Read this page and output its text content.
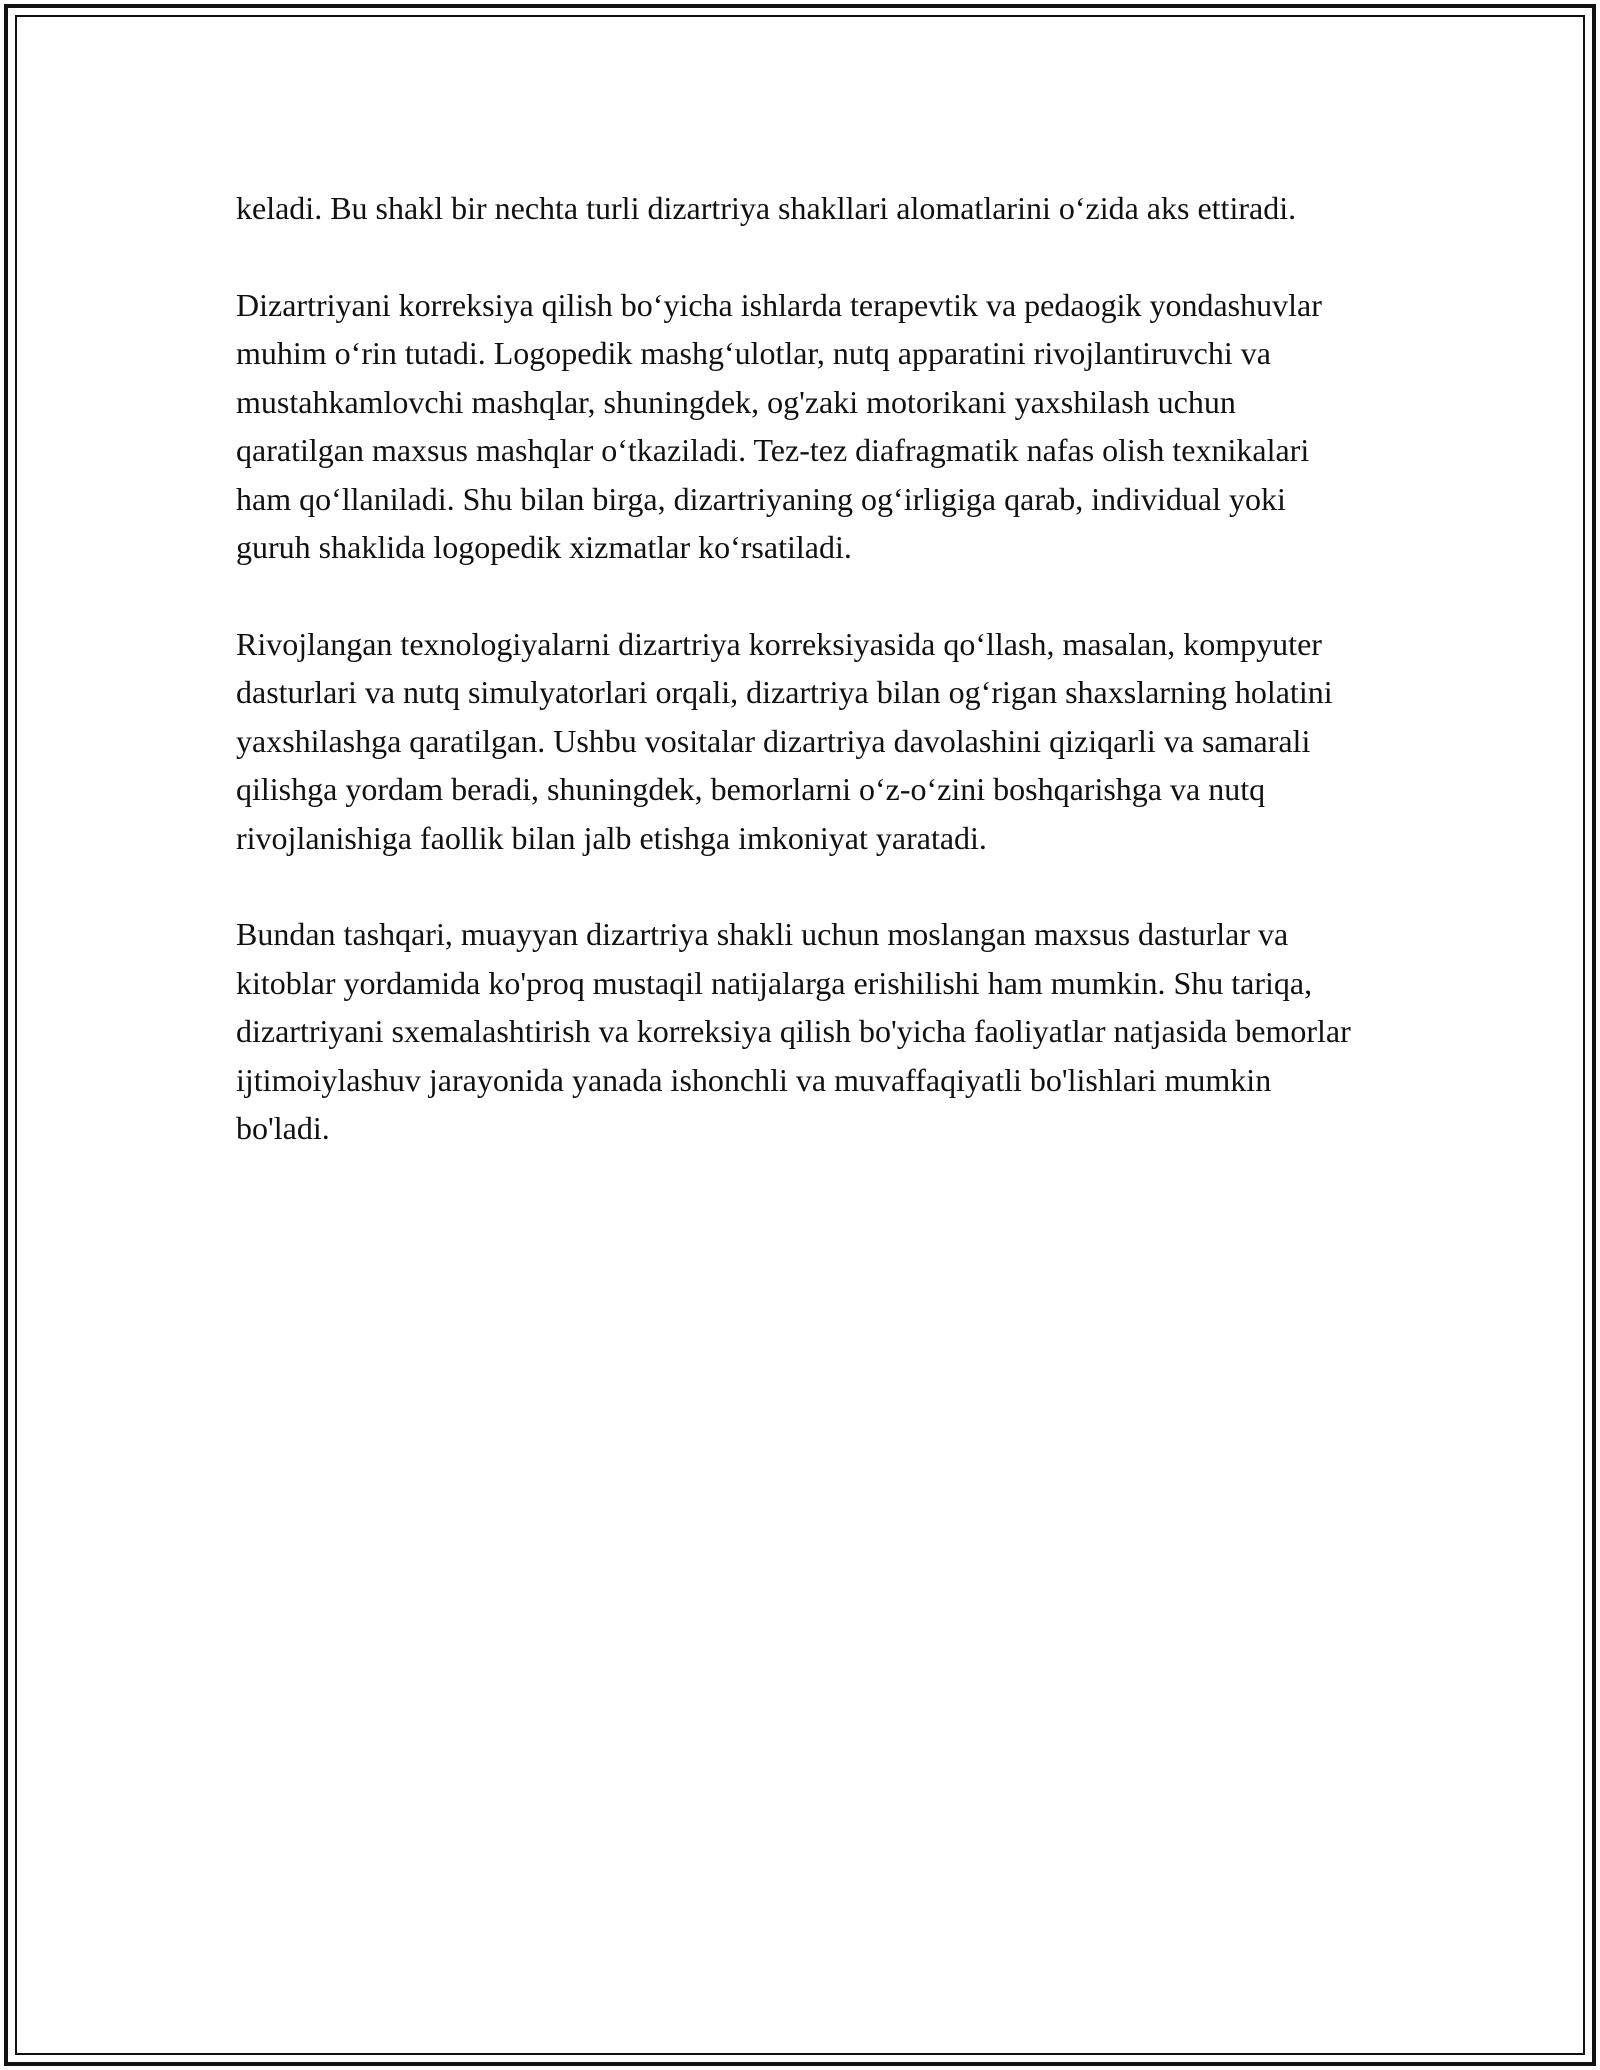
keladi. Bu shakl bir nechta turli dizartriya shakllari alomatlarini o‘zida aks ettiradi.

Dizartriyani korreksiya qilish bo‘yicha ishlarda terapevtik va pedaogik yondashuvlar muhim o‘rin tutadi. Logopedik mashg‘ulotlar, nutq apparatini rivojlantiruvchi va mustahkamlovchi mashqlar, shuningdek, og'zaki motorikani yaxshilash uchun qaratilgan maxsus mashqlar o‘tkaziladi. Tez-tez diafragmatik nafas olish texnikalari ham qo‘llaniladi. Shu bilan birga, dizartriyaning og‘irligiga qarab, individual yoki guruh shaklida logopedik xizmatlar ko‘rsatiladi.

Rivojlangan texnologiyalarni dizartriya korreksiyasida qo‘llash, masalan, kompyuter dasturlari va nutq simulyatorlari orqali, dizartriya bilan og‘rigan shaxslarning holatini yaxshilashga qaratilgan. Ushbu vositalar dizartriya davolashini qiziqarli va samarali qilishga yordam beradi, shuningdek, bemorlarni o‘z-o‘zini boshqarishga va nutq rivojlanishiga faollik bilan jalb etishga imkoniyat yaratadi.

Bundan tashqari, muayyan dizartriya shakli uchun moslangan maxsus dasturlar va kitoblar yordamida ko'proq mustaqil natijalarga erishilishi ham mumkin. Shu tariqa, dizartriyani sxemalashtirish va korreksiya qilish bo'yicha faoliyatlar natjasida bemorlar ijtimoiylashuv jarayonida yanada ishonchli va muvaffaqiyatli bo'lishlari mumkin bo'ladi.
